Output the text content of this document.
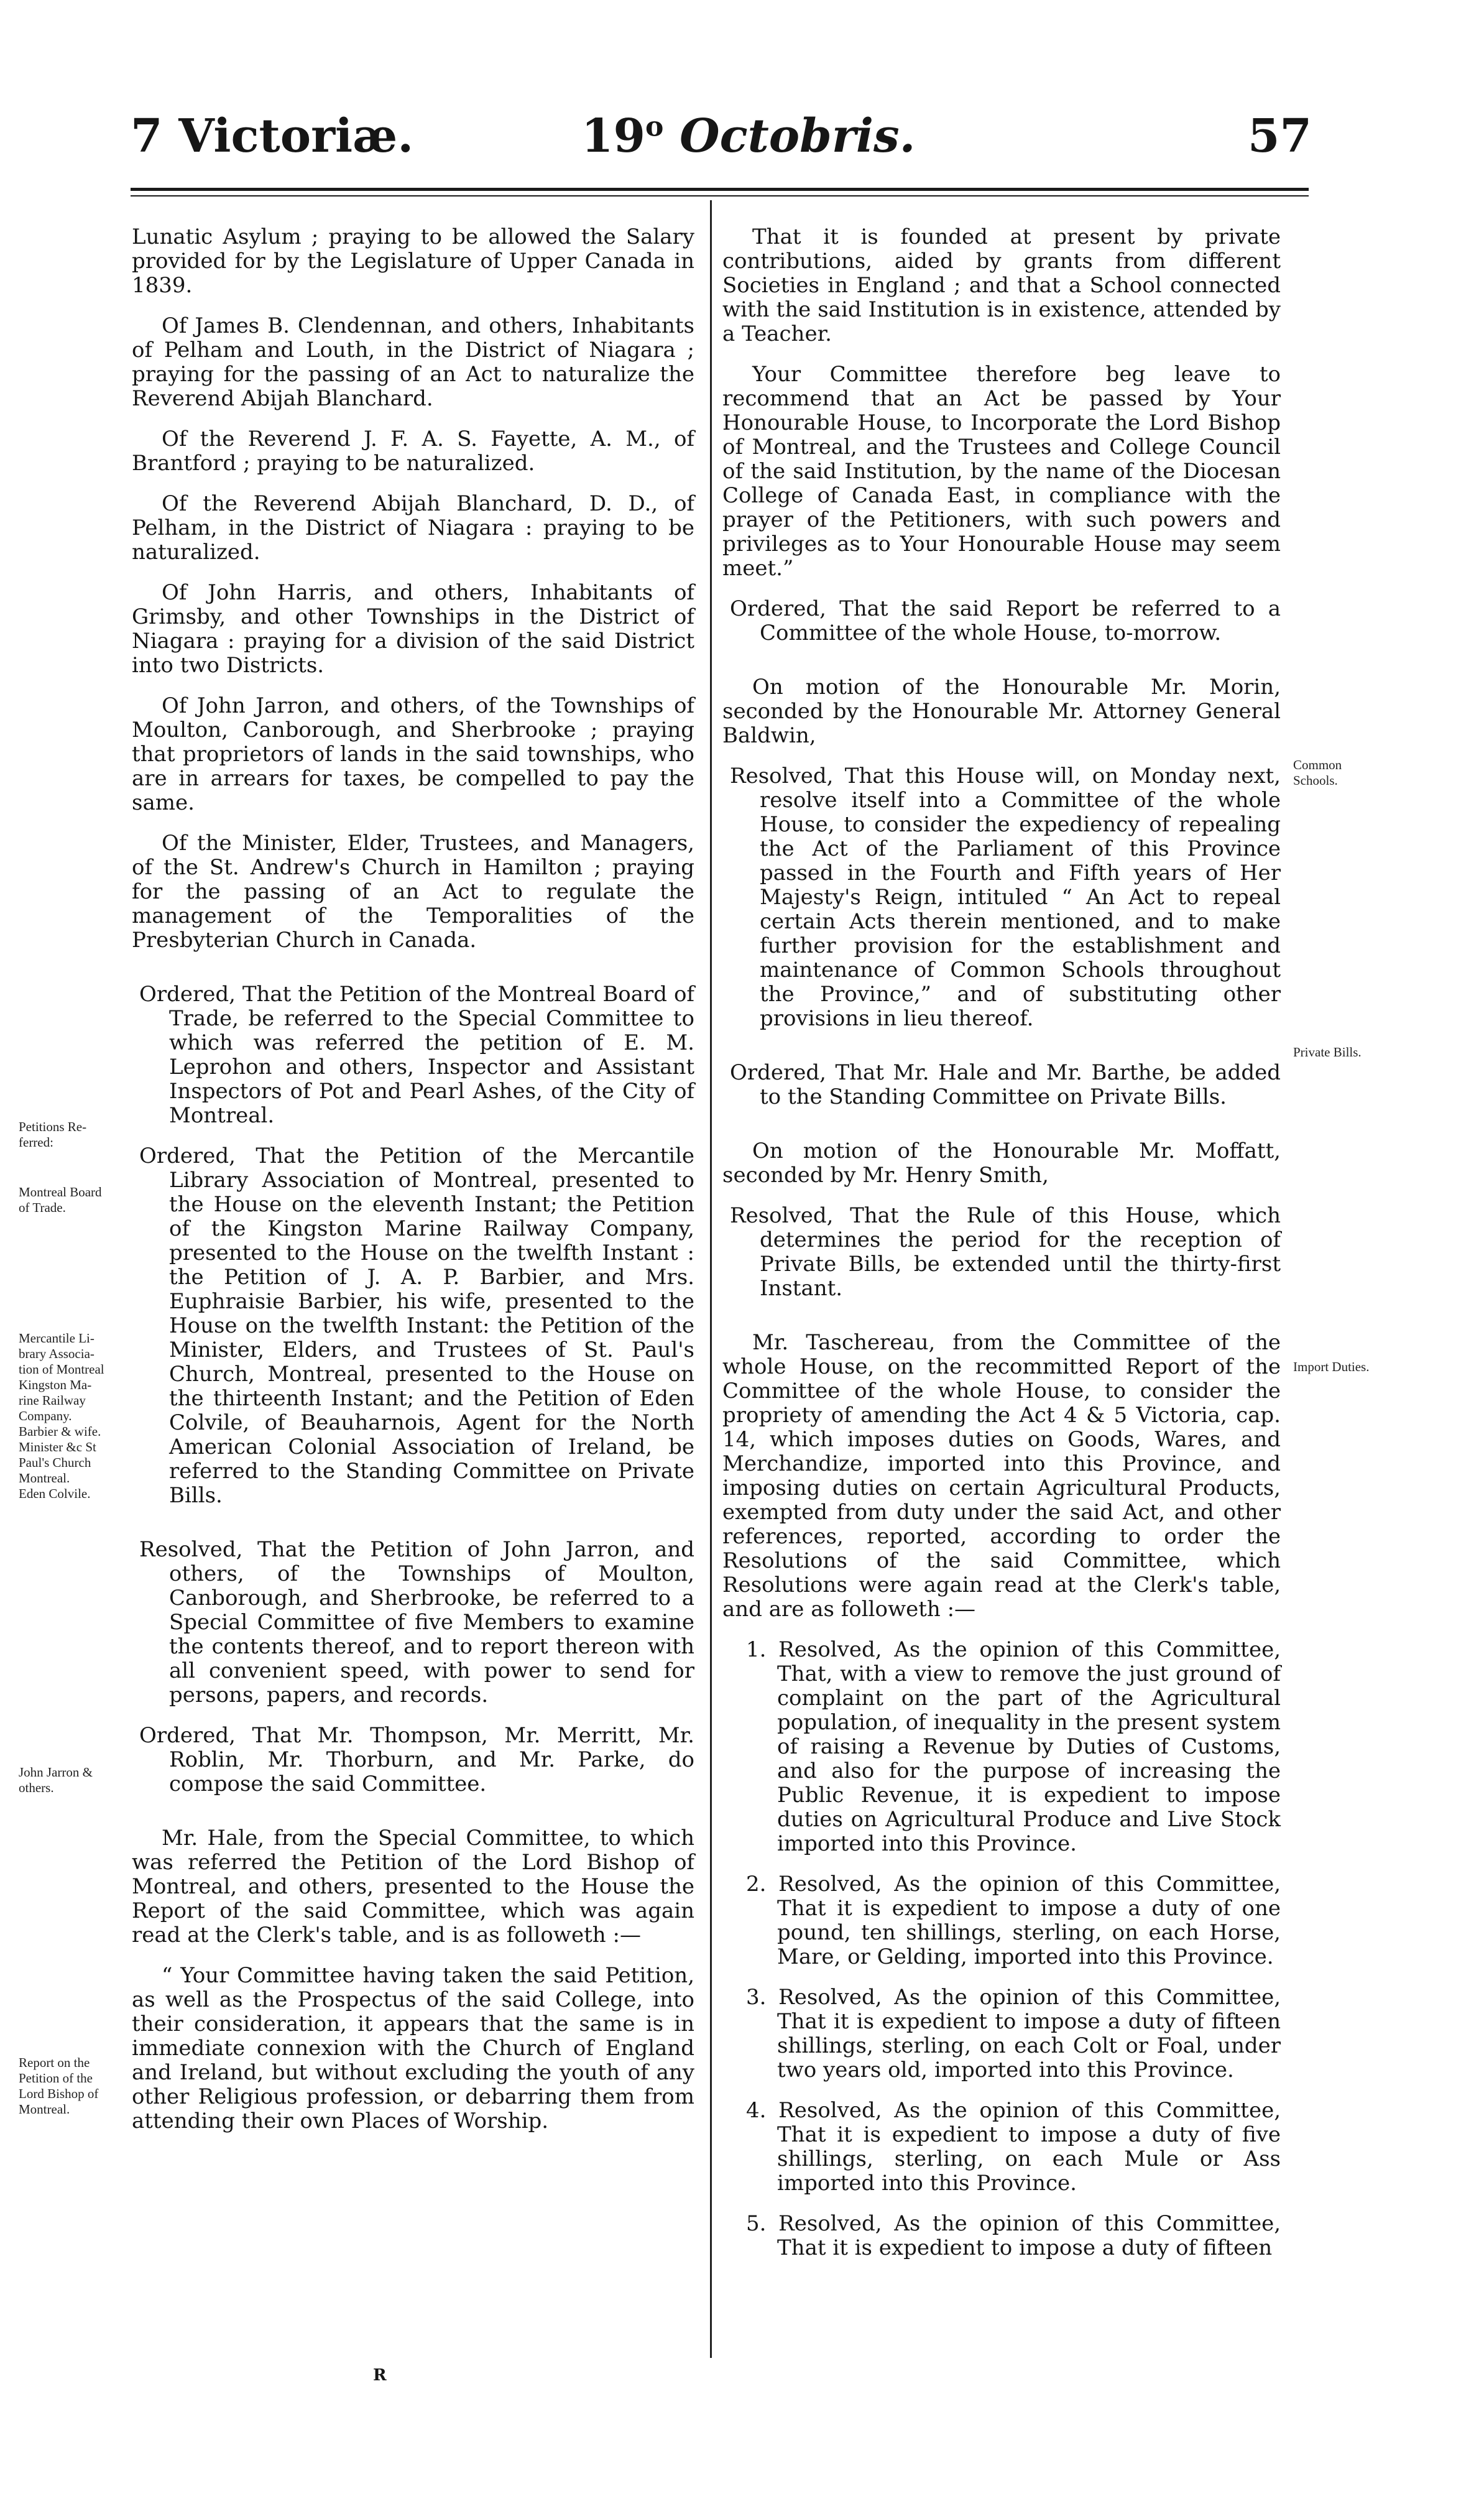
7 Victoriæ.	19$^o$ Octobris.	57
Petitions Re-
ferred:
Montreal Board
of Trade.
Mercantile Li-
brary Associa-
tion of Montreal
Kingston Ma-
rine Railway
Company.
Barbier & wife.
Minister &c St
Paul's Church
Montreal.
Eden Colvile.
John Jarron &
others.
Report on the
Petition of the
Lord Bishop of
Montreal.
Common
Schools.
Private Bills.
Import Duties.

Lunatic Asylum ; praying to be allowed the Salary provided for by the Legislature of Upper Canada in 1839.

Of James B. Clendennan, and others, Inhabitants of Pelham and Louth, in the District of Niagara ; praying for the passing of an Act to naturalize the Reverend Abijah Blanchard.

Of the Reverend J. F. A. S. Fayette, A. M., of Brantford ; praying to be naturalized.

Of the Reverend Abijah Blanchard, D. D., of Pelham, in the District of Niagara : praying to be naturalized.

Of John Harris, and others, Inhabitants of Grimsby, and other Townships in the District of Niagara : praying for a division of the said District into two Districts.

Of John Jarron, and others, of the Townships of Moulton, Canborough, and Sherbrooke ; praying that proprietors of lands in the said townships, who are in arrears for taxes, be compelled to pay the same.

Of the Minister, Elder, Trustees, and Managers, of the St. Andrew's Church in Hamilton ; praying for the passing of an Act to regulate the management of the Temporalities of the Presbyterian Church in Canada.

Ordered, That the Petition of the Montreal Board of Trade, be referred to the Special Committee to which was referred the petition of E. M. Leprohon and others, Inspector and Assistant Inspectors of Pot and Pearl Ashes, of the City of Montreal.

Ordered, That the Petition of the Mercantile Library Association of Montreal, presented to the House on the eleventh Instant; the Petition of the Kingston Marine Railway Company, presented to the House on the twelfth Instant : the Petition of J. A. P. Barbier, and Mrs. Euphraisie Barbier, his wife, presented to the House on the twelfth Instant: the Petition of the Minister, Elders, and Trustees of St. Paul's Church, Montreal, presented to the House on the thirteenth Instant; and the Petition of Eden Colvile, of Beauharnois, Agent for the North American Colonial Association of Ireland, be referred to the Standing Committee on Private Bills.

Resolved, That the Petition of John Jarron, and others, of the Townships of Moulton, Canborough, and Sherbrooke, be referred to a Special Committee of five Members to examine the contents thereof, and to report thereon with all convenient speed, with power to send for persons, papers, and records.

Ordered, That Mr. Thompson, Mr. Merritt, Mr. Roblin, Mr. Thorburn, and Mr. Parke, do compose the said Committee.

Mr. Hale, from the Special Committee, to which was referred the Petition of the Lord Bishop of Montreal, and others, presented to the House the Report of the said Committee, which was again read at the Clerk's table, and is as followeth :—

“ Your Committee having taken the said Petition, as well as the Prospectus of the said College, into their consideration, it appears that the same is in immediate connexion with the Church of England and Ireland, but without excluding the youth of any other Religious profession, or debarring them from attending their own Places of Worship.

That it is founded at present by private contributions, aided by grants from different Societies in England ; and that a School connected with the said Institution is in existence, attended by a Teacher.

Your Committee therefore beg leave to recommend that an Act be passed by Your Honourable House, to Incorporate the Lord Bishop of Montreal, and the Trustees and College Council of the said Institution, by the name of the Diocesan College of Canada East, in compliance with the prayer of the Petitioners, with such powers and privileges as to Your Honourable House may seem meet.”

Ordered, That the said Report be referred to a Committee of the whole House, to-morrow.

On motion of the Honourable Mr. Morin, seconded by the Honourable Mr. Attorney General Baldwin,

Resolved, That this House will, on Monday next, resolve itself into a Committee of the whole House, to consider the expediency of repealing the Act of the Parliament of this Province passed in the Fourth and Fifth years of Her Majesty's Reign, intituled “ An Act to repeal certain Acts therein mentioned, and to make further provision for the establishment and maintenance of Common Schools throughout the Province,” and of substituting other provisions in lieu thereof.

Ordered, That Mr. Hale and Mr. Barthe, be added to the Standing Committee on Private Bills.

On motion of the Honourable Mr. Moffatt, seconded by Mr. Henry Smith,

Resolved, That the Rule of this House, which determines the period for the reception of Private Bills, be extended until the thirty-first Instant.

Mr. Taschereau, from the Committee of the whole House, on the recommitted Report of the Committee of the whole House, to consider the propriety of amending the Act 4 & 5 Victoria, cap. 14, which imposes duties on Goods, Wares, and Merchandize, imported into this Province, and imposing duties on certain Agricultural Products, exempted from duty under the said Act, and other references, reported, according to order the Resolutions of the said Committee, which Resolutions were again read at the Clerk's table, and are as followeth :—

1. Resolved, As the opinion of this Committee, That, with a view to remove the just ground of complaint on the part of the Agricultural population, of inequality in the present system of raising a Revenue by Duties of Customs, and also for the purpose of increasing the Public Revenue, it is expedient to impose duties on Agricultural Produce and Live Stock imported into this Province.

2. Resolved, As the opinion of this Committee, That it is expedient to impose a duty of one pound, ten shillings, sterling, on each Horse, Mare, or Gelding, imported into this Province.

3. Resolved, As the opinion of this Committee, That it is expedient to impose a duty of fifteen shillings, sterling, on each Colt or Foal, under two years old, imported into this Province.

4. Resolved, As the opinion of this Committee, That it is expedient to impose a duty of five shillings, sterling, on each Mule or Ass imported into this Province.

5. Resolved, As the opinion of this Committee, That it is expedient to impose a duty of fifteen

R
